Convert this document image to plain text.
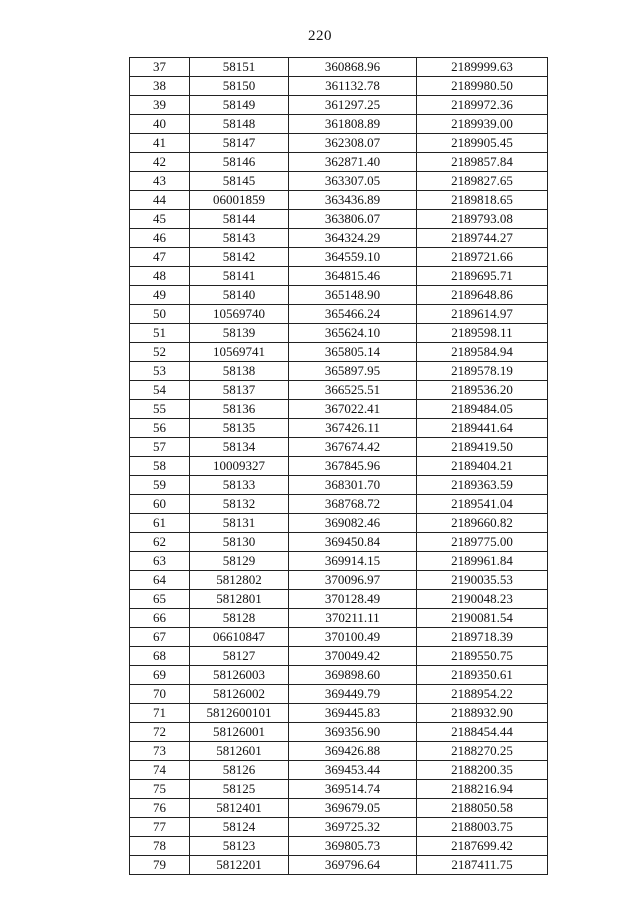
220
37	58151	360868.96	2189999.63
38	58150	361132.78	2189980.50
39	58149	361297.25	2189972.36
40	58148	361808.89	2189939.00
41	58147	362308.07	2189905.45
42	58146	362871.40	2189857.84
43	58145	363307.05	2189827.65
44	06001859	363436.89	2189818.65
45	58144	363806.07	2189793.08
46	58143	364324.29	2189744.27
47	58142	364559.10	2189721.66
48	58141	364815.46	2189695.71
49	58140	365148.90	2189648.86
50	10569740	365466.24	2189614.97
51	58139	365624.10	2189598.11
52	10569741	365805.14	2189584.94
53	58138	365897.95	2189578.19
54	58137	366525.51	2189536.20
55	58136	367022.41	2189484.05
56	58135	367426.11	2189441.64
57	58134	367674.42	2189419.50
58	10009327	367845.96	2189404.21
59	58133	368301.70	2189363.59
60	58132	368768.72	2189541.04
61	58131	369082.46	2189660.82
62	58130	369450.84	2189775.00
63	58129	369914.15	2189961.84
64	5812802	370096.97	2190035.53
65	5812801	370128.49	2190048.23
66	58128	370211.11	2190081.54
67	06610847	370100.49	2189718.39
68	58127	370049.42	2189550.75
69	58126003	369898.60	2189350.61
70	58126002	369449.79	2188954.22
71	5812600101	369445.83	2188932.90
72	58126001	369356.90	2188454.44
73	5812601	369426.88	2188270.25
74	58126	369453.44	2188200.35
75	58125	369514.74	2188216.94
76	5812401	369679.05	2188050.58
77	58124	369725.32	2188003.75
78	58123	369805.73	2187699.42
79	5812201	369796.64	2187411.75
